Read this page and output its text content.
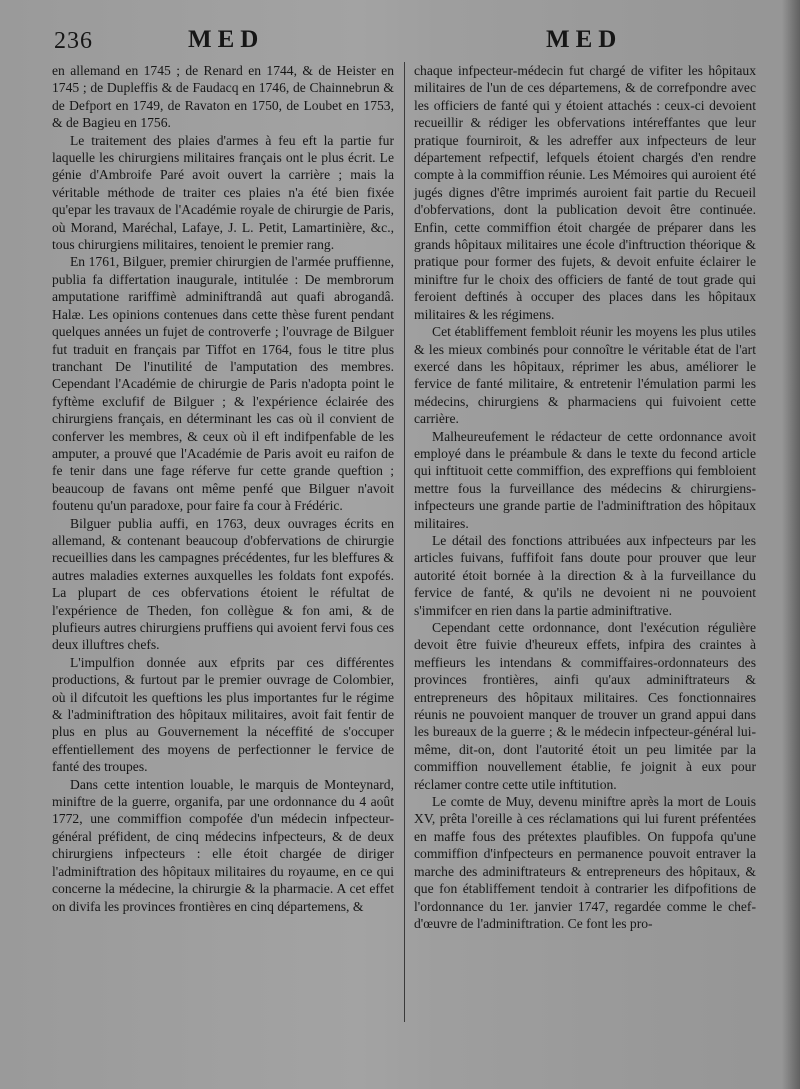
236	MED	MED

en allemand en 1745 ; de Renard en 1744, & de Heister en 1745 ; de Dupleffis & de Faudacq en 1746, de Chainnebrun & de Defport en 1749, de Ravaton en 1750, de Loubet en 1753, & de Bagieu en 1756.

Le traitement des plaies d'armes à feu eft la partie fur laquelle les chirurgiens militaires français ont le plus écrit. Le génie d'Ambroife Paré avoit ouvert la carrière ; mais la véritable méthode de traiter ces plaies n'a été bien fixée qu'epar les travaux de l'Académie royale de chirurgie de Paris, où Morand, Maréchal, Lafaye, J. L. Petit, Lamartinière, &c., tous chirurgiens militaires, tenoient le premier rang.

En 1761, Bilguer, premier chirurgien de l'armée pruffienne, publia fa differtation inaugurale, intitulée : De membrorum amputatione rariffimè adminiftrandâ aut quafi abrogandâ. Halæ. Les opinions contenues dans cette thèse furent pendant quelques années un fujet de controverfe ; l'ouvrage de Bilguer fut traduit en français par Tiffot en 1764, fous le titre plus tranchant De l'inutilité de l'amputation des membres. Cependant l'Académie de chirurgie de Paris n'adopta point le fyftème exclufif de Bilguer ; & l'expérience éclairée des chirurgiens français, en déterminant les cas où il convient de conferver les membres, & ceux où il eft indifpenfable de les amputer, a prouvé que l'Académie de Paris avoit eu raifon de fe tenir dans une fage réferve fur cette grande queftion ; beaucoup de favans ont même penfé que Bilguer n'avoit foutenu qu'un paradoxe, pour faire fa cour à Frédéric.

Bilguer publia auffi, en 1763, deux ouvrages écrits en allemand, & contenant beaucoup d'obfervations de chirurgie recueillies dans les campagnes précédentes, fur les bleffures & autres maladies externes auxquelles les foldats font expofés. La plupart de ces obfervations étoient le réfultat de l'expérience de Theden, fon collègue & fon ami, & de plufieurs autres chirurgiens pruffiens qui avoient fervi fous ces deux illuftres chefs.

L'impulfion donnée aux efprits par ces différentes productions, & furtout par le premier ouvrage de Colombier, où il difcutoit les queftions les plus importantes fur le régime & l'adminiftration des hôpitaux militaires, avoit fait fentir de plus en plus au Gouvernement la néceffité de s'occuper effentiellement des moyens de perfectionner le fervice de fanté des troupes.

Dans cette intention louable, le marquis de Monteynard, miniftre de la guerre, organifa, par une ordonnance du 4 août 1772, une commiffion compofée d'un médecin infpecteur-général préfident, de cinq médecins infpecteurs, & de deux chirurgiens infpecteurs : elle étoit chargée de diriger l'adminiftration des hôpitaux militaires du royaume, en ce qui concerne la médecine, la chirurgie & la pharmacie. A cet effet on divifa les provinces frontières en cinq départemens, &

chaque infpecteur-médecin fut chargé de vifiter les hôpitaux militaires de l'un de ces départemens, & de correfpondre avec les officiers de fanté qui y étoient attachés : ceux-ci devoient recueillir & rédiger les obfervations intéreffantes que leur pratique fourniroit, & les adreffer aux infpecteurs de leur département refpectif, lefquels étoient chargés d'en rendre compte à la commiffion réunie. Les Mémoires qui auroient été jugés dignes d'être imprimés auroient fait partie du Recueil d'obfervations, dont la publication devoit être continuée. Enfin, cette commiffion étoit chargée de préparer dans les grands hôpitaux militaires une école d'inftruction théorique & pratique pour former des fujets, & devoit enfuite éclairer le miniftre fur le choix des officiers de fanté de tout grade qui feroient deftinés à occuper des places dans les hôpitaux militaires & les régimens.

Cet établiffement fembloit réunir les moyens les plus utiles & les mieux combinés pour connoître le véritable état de l'art exercé dans les hôpitaux, réprimer les abus, améliorer le fervice de fanté militaire, & entretenir l'émulation parmi les médecins, chirurgiens & pharmaciens qui fuivoient cette carrière.

Malheureufement le rédacteur de cette ordonnance avoit employé dans le préambule & dans le texte du fecond article qui inftituoit cette commiffion, des expreffions qui fembloient mettre fous la furveillance des médecins & chirurgiens-infpecteurs une grande partie de l'adminiftration des hôpitaux militaires.

Le détail des fonctions attribuées aux infpecteurs par les articles fuivans, fuffifoit fans doute pour prouver que leur autorité étoit bornée à la direction & à la furveillance du fervice de fanté, & qu'ils ne devoient ni ne pouvoient s'immifcer en rien dans la partie adminiftrative.

Cependant cette ordonnance, dont l'exécution régulière devoit être fuivie d'heureux effets, infpira des craintes à meffieurs les intendans & commiffaires-ordonnateurs des provinces frontières, ainfi qu'aux adminiftrateurs & entrepreneurs des hôpitaux militaires. Ces fonctionnaires réunis ne pouvoient manquer de trouver un grand appui dans les bureaux de la guerre ; & le médecin infpecteur-général lui-même, dit-on, dont l'autorité étoit un peu limitée par la commiffion nouvellement établie, fe joignit à eux pour réclamer contre cette utile inftitution.

Le comte de Muy, devenu miniftre après la mort de Louis XV, prêta l'oreille à ces réclamations qui lui furent préfentées en maffe fous des prétextes plaufibles. On fuppofa qu'une commiffion d'infpecteurs en permanence pouvoit entraver la marche des adminiftrateurs & entrepreneurs des hôpitaux, & que fon établiffement tendoit à contrarier les difpofitions de l'ordonnance du 1er. janvier 1747, regardée comme le chef-d'œuvre de l'adminiftration. Ce font les pro-
